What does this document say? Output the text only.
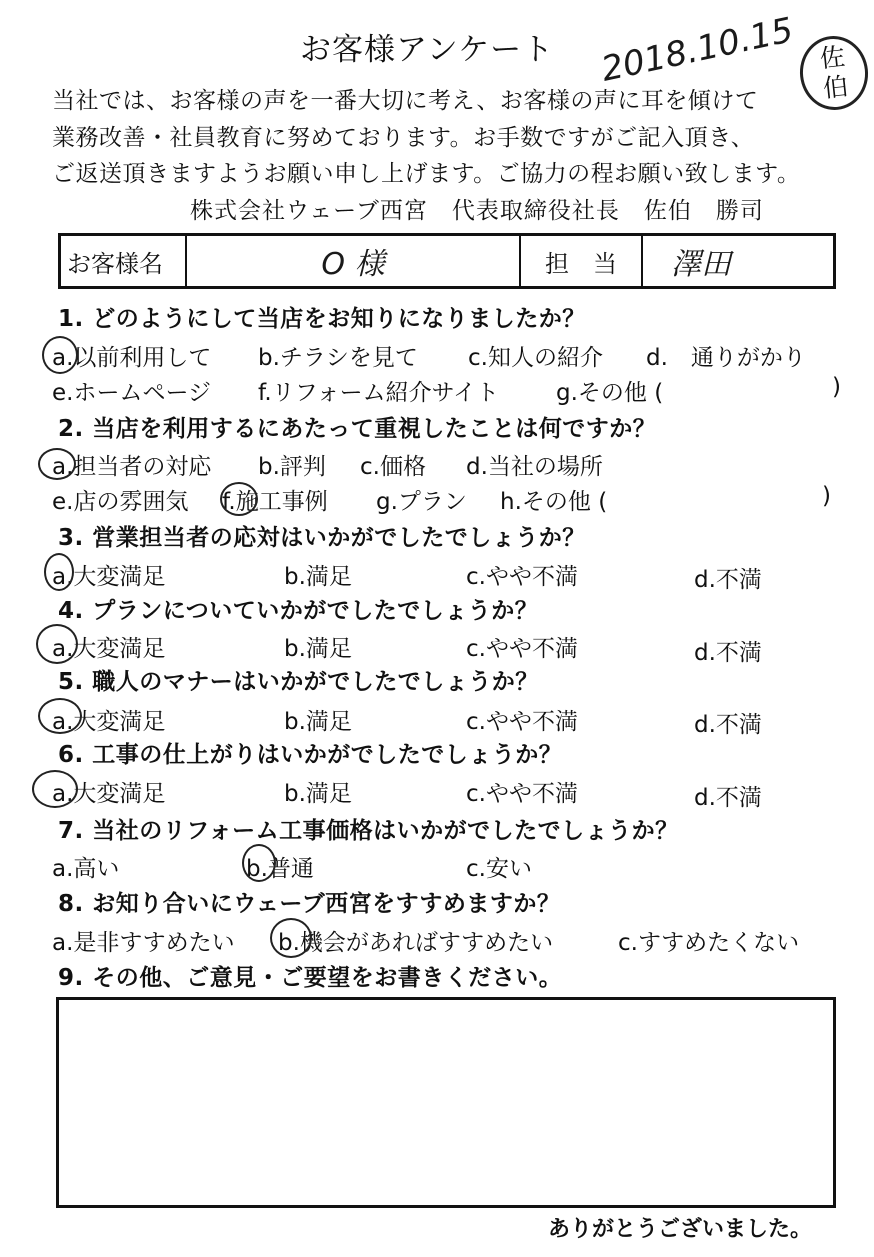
お客様アンケート 2018.10.15 佐
伯
当社では、お客様の声を一番大切に考え、お客様の声に耳を傾けて
業務改善・社員教育に努めております。お手数ですがご記入頂き、
ご返送頂きますようお願い申し上げます。ご協力の程お願い致します。
株式会社ウェーブ西宮　代表取締役社長　佐伯　勝司
お客様名	O 様	担　当	澤田
1. どのようにして当店をお知りになりましたか？
a.以前利用して b.チラシを見て c.知人の紹介 d.　通りがかり
e.ホームページ f.リフォーム紹介サイト g.その他 (	)
2. 当店を利用するにあたって重視したことは何ですか？
a.担当者の対応 b.評判 c.価格 d.当社の場所
e.店の雰囲気 f.施工事例 g.プラン h.その他 (	)
3. 営業担当者の応対はいかがでしたでしょうか？
a.大変満足	b.満足	c.やや不満	d.不満
4. プランについていかがでしたでしょうか？
a.大変満足	b.満足	c.やや不満	d.不満
5. 職人のマナーはいかがでしたでしょうか？
a.大変満足	b.満足	c.やや不満	d.不満
6. 工事の仕上がりはいかがでしたでしょうか？
a.大変満足	b.満足	c.やや不満	d.不満
7. 当社のリフォーム工事価格はいかがでしたでしょうか？
a.高い	b.普通	c.安い
8. お知り合いにウェーブ西宮をすすめますか？
a.是非すすめたい b.機会があればすすめたい	c.すすめたくない
9. その他、ご意見・ご要望をお書きください。
ありがとうございました。
